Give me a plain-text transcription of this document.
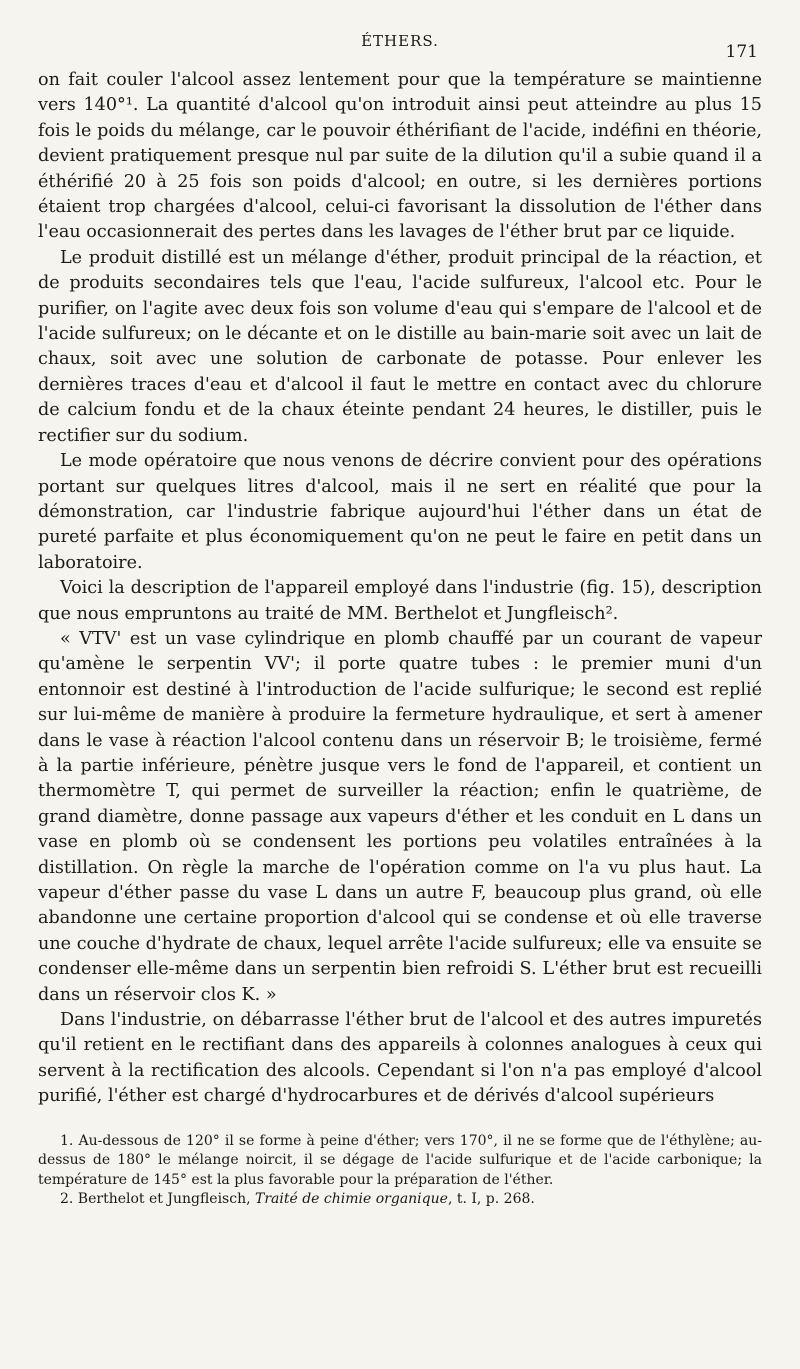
ÉTHERS.
171

on fait couler l'alcool assez lentement pour que la température se maintienne vers 140°¹. La quantité d'alcool qu'on introduit ainsi peut atteindre au plus 15 fois le poids du mélange, car le pouvoir éthérifiant de l'acide, indéfini en théorie, devient pratiquement presque nul par suite de la dilution qu'il a subie quand il a éthérifié 20 à 25 fois son poids d'alcool; en outre, si les dernières portions étaient trop chargées d'alcool, celui-ci favorisant la dissolution de l'éther dans l'eau occasionnerait des pertes dans les lavages de l'éther brut par ce liquide.

Le produit distillé est un mélange d'éther, produit principal de la réaction, et de produits secondaires tels que l'eau, l'acide sulfureux, l'alcool etc. Pour le purifier, on l'agite avec deux fois son volume d'eau qui s'empare de l'alcool et de l'acide sulfureux; on le décante et on le distille au bain-marie soit avec un lait de chaux, soit avec une solution de carbonate de potasse. Pour enlever les dernières traces d'eau et d'alcool il faut le mettre en contact avec du chlorure de calcium fondu et de la chaux éteinte pendant 24 heures, le distiller, puis le rectifier sur du sodium.

Le mode opératoire que nous venons de décrire convient pour des opérations portant sur quelques litres d'alcool, mais il ne sert en réalité que pour la démonstration, car l'industrie fabrique aujourd'hui l'éther dans un état de pureté parfaite et plus économiquement qu'on ne peut le faire en petit dans un laboratoire.

Voici la description de l'appareil employé dans l'industrie (fig. 15), description que nous empruntons au traité de MM. Berthelot et Jungfleisch².

« VTV' est un vase cylindrique en plomb chauffé par un courant de vapeur qu'amène le serpentin VV'; il porte quatre tubes : le premier muni d'un entonnoir est destiné à l'introduction de l'acide sulfurique; le second est replié sur lui-même de manière à produire la fermeture hydraulique, et sert à amener dans le vase à réaction l'alcool contenu dans un réservoir B; le troisième, fermé à la partie inférieure, pénètre jusque vers le fond de l'appareil, et contient un thermomètre T, qui permet de surveiller la réaction; enfin le quatrième, de grand diamètre, donne passage aux vapeurs d'éther et les conduit en L dans un vase en plomb où se condensent les portions peu volatiles entraînées à la distillation. On règle la marche de l'opération comme on l'a vu plus haut. La vapeur d'éther passe du vase L dans un autre F, beaucoup plus grand, où elle abandonne une certaine proportion d'alcool qui se condense et où elle traverse une couche d'hydrate de chaux, lequel arrête l'acide sulfureux; elle va ensuite se condenser elle-même dans un serpentin bien refroidi S. L'éther brut est recueilli dans un réservoir clos K. »

Dans l'industrie, on débarrasse l'éther brut de l'alcool et des autres impuretés qu'il retient en le rectifiant dans des appareils à colonnes analogues à ceux qui servent à la rectification des alcools. Cependant si l'on n'a pas employé d'alcool purifié, l'éther est chargé d'hydrocarbures et de dérivés d'alcool supérieurs

1. Au-dessous de 120° il se forme à peine d'éther; vers 170°, il ne se forme que de l'éthylène; au-dessus de 180° le mélange noircit, il se dégage de l'acide sulfurique et de l'acide carbonique; la température de 145° est la plus favorable pour la préparation de l'éther.

2. Berthelot et Jungfleisch, Traité de chimie organique, t. I, p. 268.
